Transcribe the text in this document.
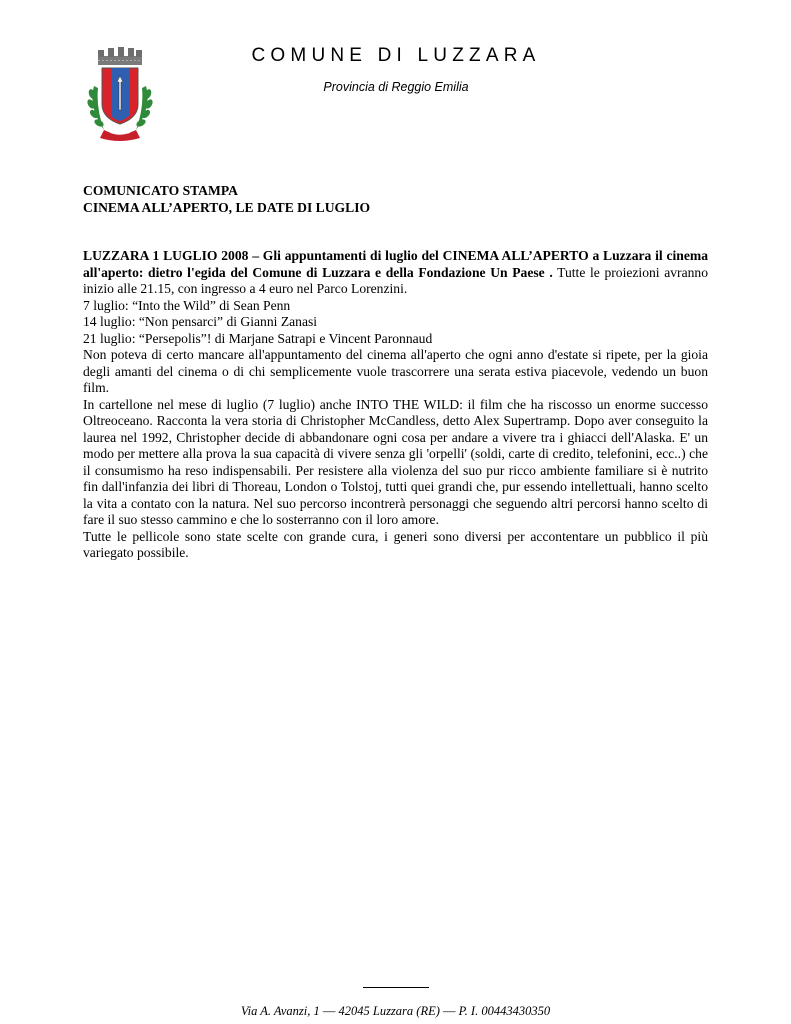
COMUNE DI LUZZARA
Provincia di Reggio Emilia
COMUNICATO STAMPA
CINEMA ALL’APERTO, LE DATE DI LUGLIO

LUZZARA 1 LUGLIO 2008 – Gli appuntamenti di luglio del CINEMA ALL’APERTO a Luzzara il cinema all'aperto: dietro l'egida del Comune di Luzzara e della Fondazione Un Paese . Tutte le proiezioni avranno inizio alle 21.15, con ingresso a 4 euro nel Parco Lorenzini.

7 luglio: “Into the Wild” di Sean Penn

14 luglio: “Non pensarci” di Gianni Zanasi

21 luglio: “Persepolis”! di Marjane Satrapi e Vincent Paronnaud

Non poteva di certo mancare all'appuntamento del cinema all'aperto che ogni anno d'estate si ripete, per la gioia degli amanti del cinema o di chi semplicemente vuole trascorrere una serata estiva piacevole, vedendo un buon film.

In cartellone nel mese di luglio (7 luglio) anche INTO THE WILD: il film che ha riscosso un enorme successo Oltreoceano. Racconta la vera storia di Christopher McCandless, detto Alex Supertramp. Dopo aver conseguito la laurea nel 1992, Christopher decide di abbandonare ogni cosa per andare a vivere tra i ghiacci dell'Alaska. E' un modo per mettere alla prova la sua capacità di vivere senza gli 'orpelli' (soldi, carte di credito, telefonini, ecc..) che il consumismo ha reso indispensabili. Per resistere alla violenza del suo pur ricco ambiente familiare si è nutrito fin dall'infanzia dei libri di Thoreau, London o Tolstoj, tutti quei grandi che, pur essendo intellettuali, hanno scelto la vita a contato con la natura. Nel suo percorso incontrerà personaggi che seguendo altri percorsi hanno scelto di fare il suo stesso cammino e che lo sosterranno con il loro amore.

Tutte le pellicole sono state scelte con grande cura, i generi sono diversi per accontentare un pubblico il più variegato possibile.

Via A. Avanzi, 1 –– 42045 Luzzara (RE) –– P. I. 00443430350
